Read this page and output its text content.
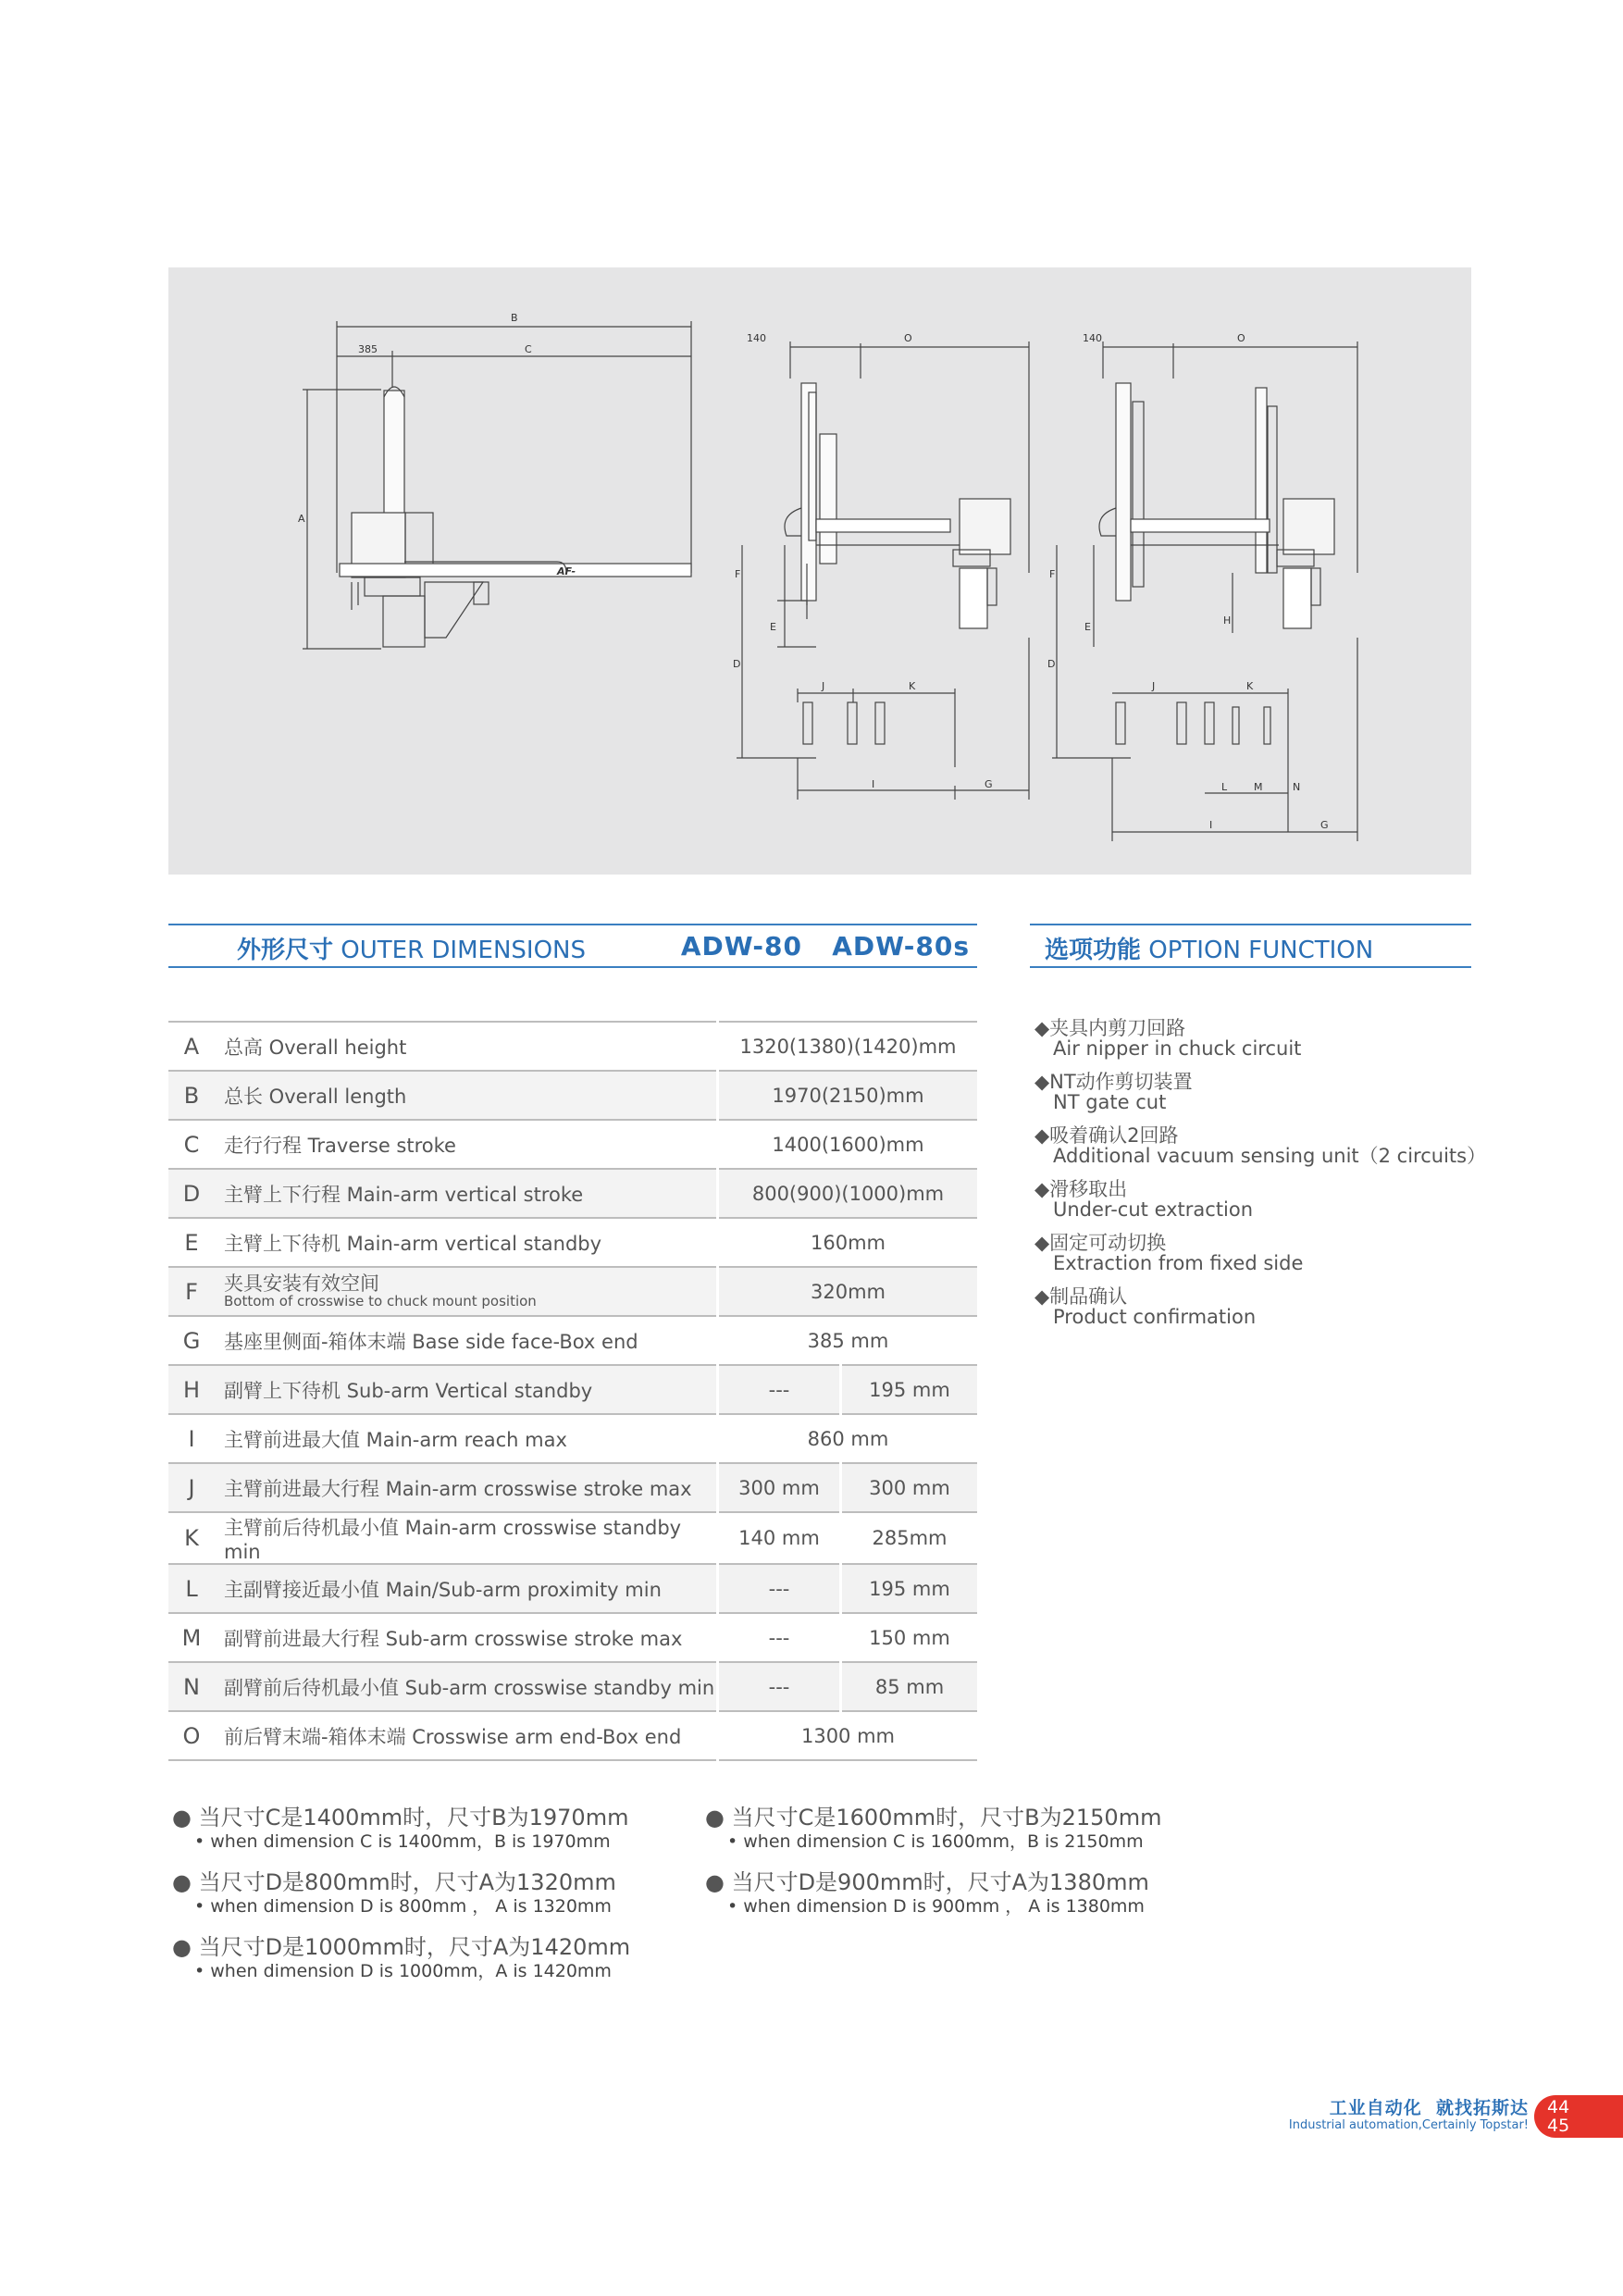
B
385	C
A
140	O
F
E
D
J	K
I	G
140	O
F
E
H
D
J	K
L	M	N
I	G
AF-
外形尺寸 OUTER DIMENSIONS	ADW-80   ADW-80s	选项功能 OPTION FUNCTION
A	总高 Overall height	1320(1380)(1420)mm	
B	总长 Overall length	1970(2150)mm	
C	走行行程 Traverse stroke	1400(1600)mm	
D	主臂上下行程 Main-arm vertical stroke	800(900)(1000)mm	
E	主臂上下待机 Main-arm vertical standby	160mm	
F	夹具安装有效空间
Bottom of crosswise to chuck mount position	320mm	
G	基座里侧面-箱体末端 Base side face-Box end	385 mm	
H	副臂上下待机 Sub-arm Vertical standby	---	195 mm
I	主臂前进最大值 Main-arm reach max	860 mm	
J	主臂前进最大行程 Main-arm crosswise stroke max	300 mm	300 mm
K	主臂前后待机最小值 Main-arm crosswise standby min	140 mm	285mm
L	主副臂接近最小值 Main/Sub-arm proximity min	---	195 mm
M	副臂前进最大行程 Sub-arm crosswise stroke max	---	150 mm
N	副臂前后待机最小值 Sub-arm crosswise standby min	---	85 mm
O	前后臂末端-箱体末端 Crosswise arm end-Box end	1300 mm	
◆夹具内剪刀回路
Air nipper in chuck circuit
◆NT动作剪切装置
NT gate cut
◆吸着确认2回路
Additional vacuum sensing unit（2 circuits）
◆滑移取出
Under-cut extraction
◆固定可动切换
Extraction from fixed side
◆制品确认
Product confirmation
● 当尺寸C是1400mm时，尺寸B为1970mm
• when dimension C is 1400mm，B is 1970mm
● 当尺寸D是800mm时，尺寸A为1320mm
• when dimension D is 800mm ， A is 1320mm
● 当尺寸D是1000mm时，尺寸A为1420mm
• when dimension D is 1000mm，A is 1420mm
● 当尺寸C是1600mm时，尺寸B为2150mm
• when dimension C is 1600mm，B is 2150mm
● 当尺寸D是900mm时，尺寸A为1380mm
• when dimension D is 900mm ， A is 1380mm
工业自动化  就找拓斯达
Industrial automation,Certainly Topstar!
44
45
